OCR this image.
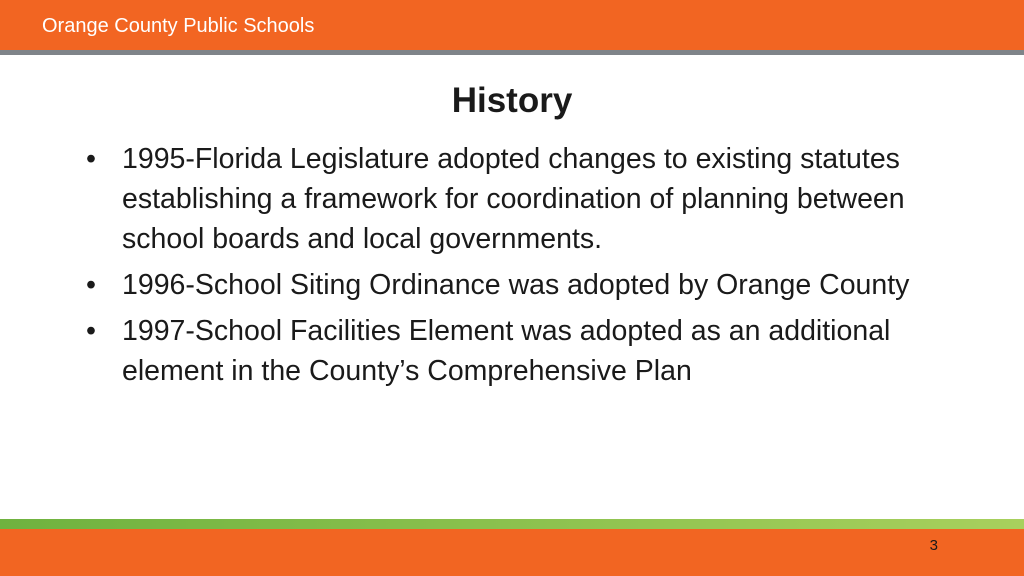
Orange County Public Schools
History
• 1995-Florida Legislature adopted changes to existing statutes establishing a framework for coordination of planning between school boards and local governments.
• 1996-School Siting Ordinance was adopted by Orange County
• 1997-School Facilities Element was adopted as an additional element in the County’s Comprehensive Plan
3
